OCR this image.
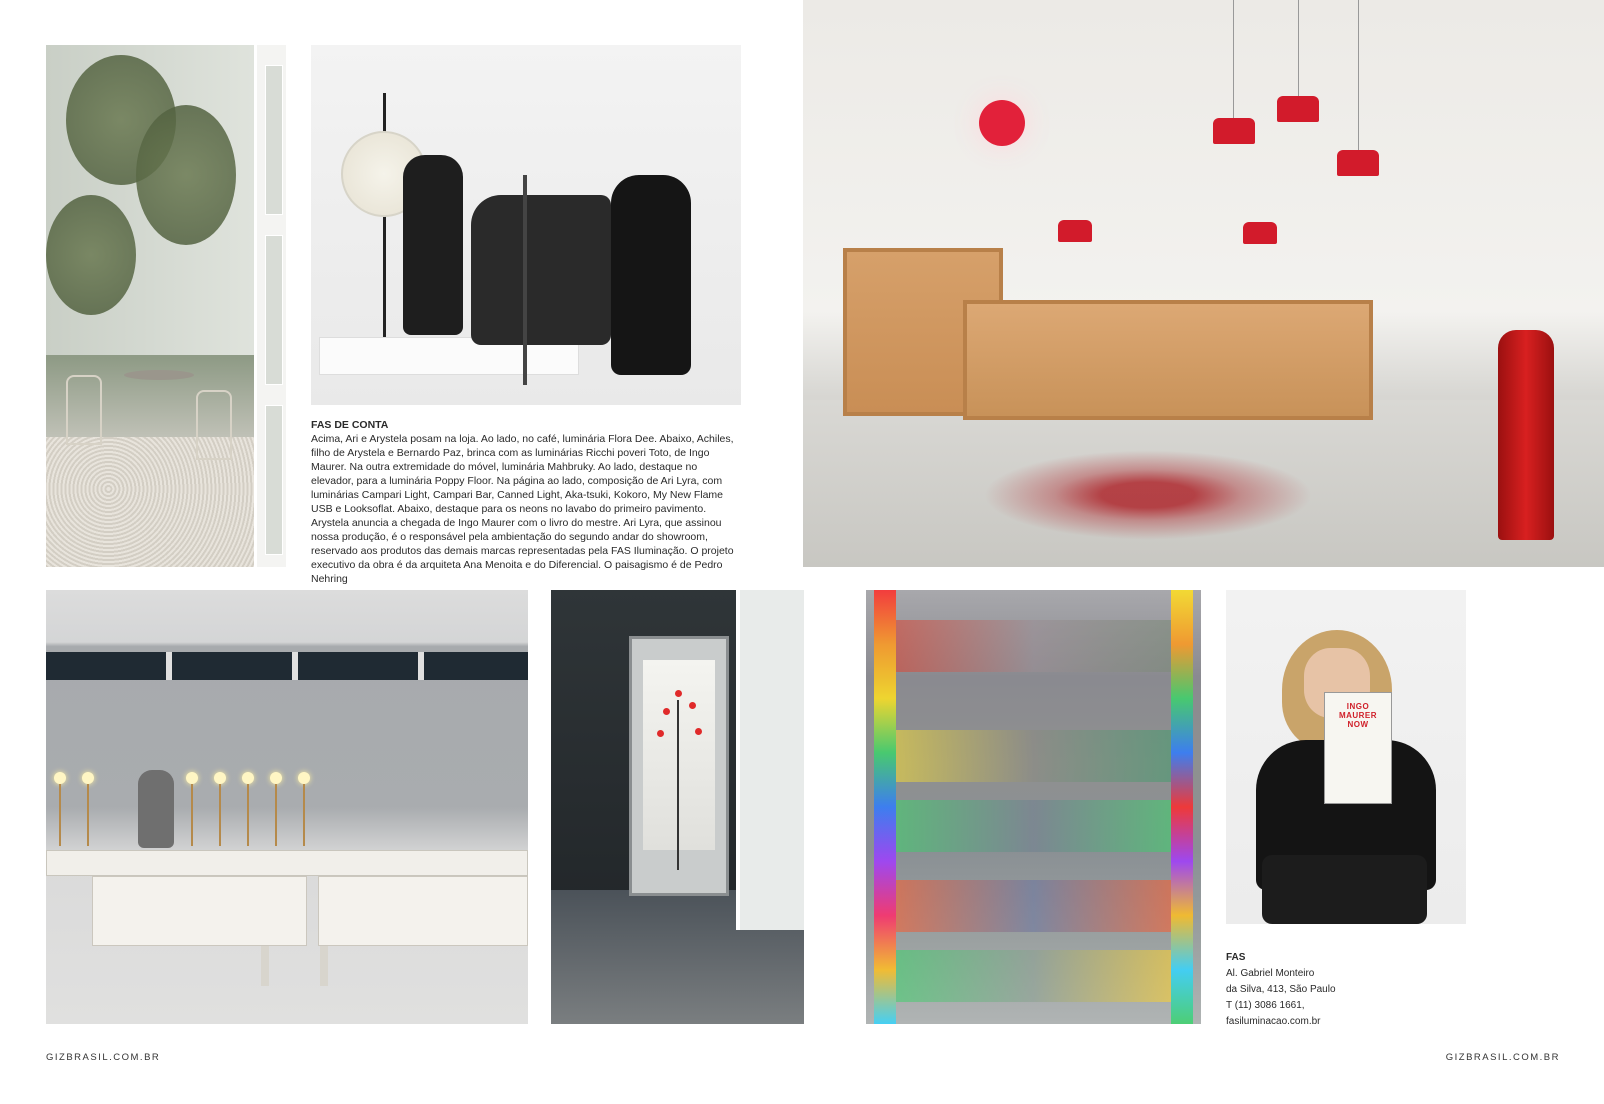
FAS DE CONTA
Acima, Ari e Arystela posam na loja. Ao lado, no café, luminária Flora Dee. Abaixo, Achiles, filho de Arystela e Bernardo Paz, brinca com as luminárias Ricchi poveri Toto, de Ingo Maurer. Na outra extremidade do móvel, luminária Mahbruky. Ao lado, destaque no elevador, para a luminária Poppy Floor. Na página ao lado, composição de Ari Lyra, com luminárias Campari Light, Campari Bar, Canned Light, Aka-tsuki, Kokoro, My New Flame USB e Looksoflat. Abaixo, destaque para os neons no lavabo do primeiro pavimento. Arystela anuncia a chegada de Ingo Maurer com o livro do mestre. Ari Lyra, que assinou nossa produção, é o responsável pela ambientação do segundo andar do showroom, reservado aos produtos das demais marcas representadas pela FAS Iluminação. O projeto executivo da obra é da arquiteta Ana Menoita e do Diferencial. O paisagismo é de Pedro Nehring
INGO
MAURER
NOW
FAS
Al. Gabriel Monteiro
da Silva, 413, São Paulo
T (11) 3086 1661,
fasiluminacao.com.br
GIZBRASIL.COM.BR	GIZBRASIL.COM.BR
